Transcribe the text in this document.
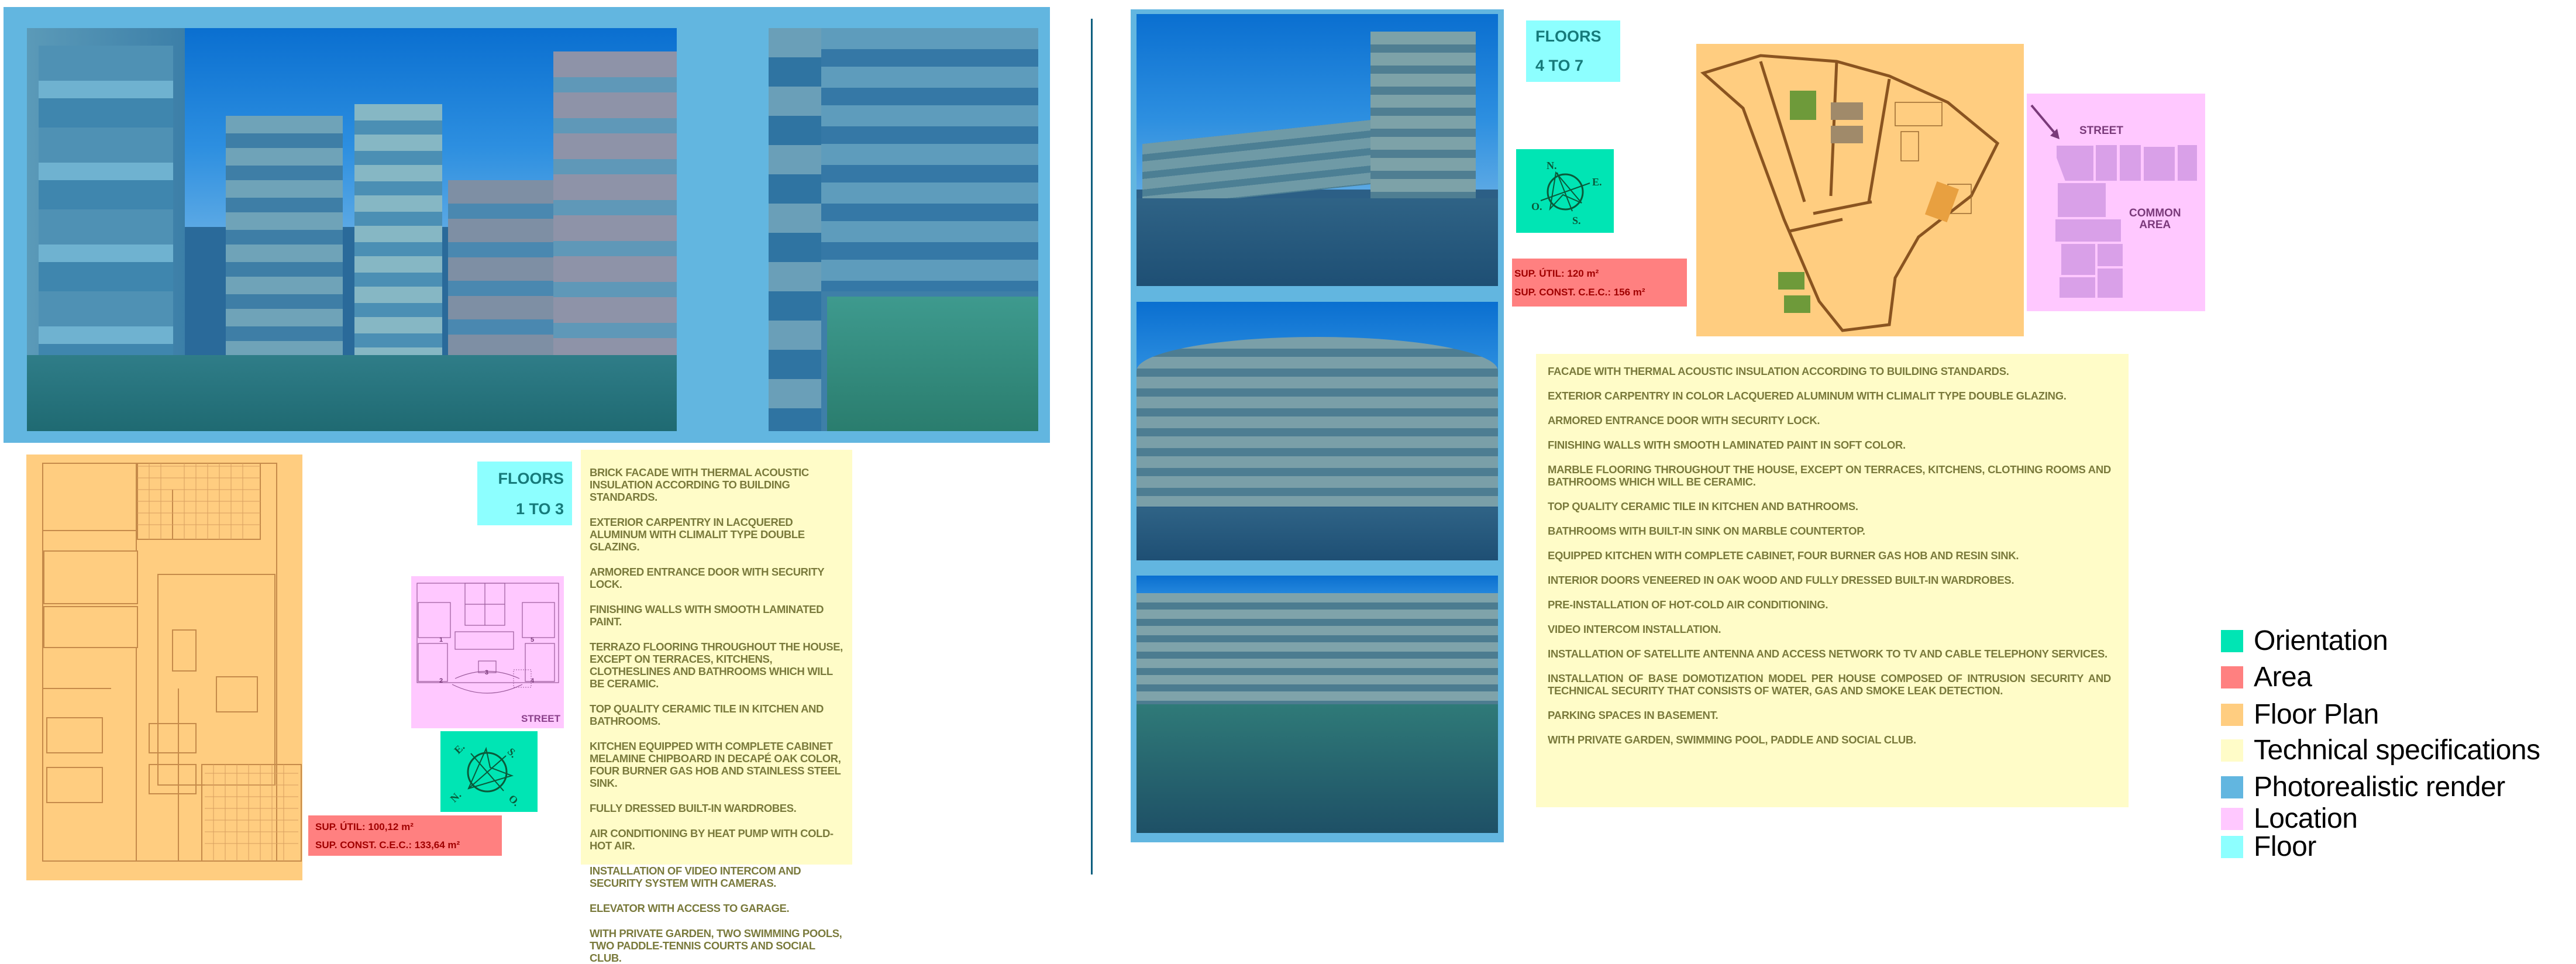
FLOORS
1 TO 3
1
2
3
4
5
STREET
E.	S.
N.	O.
SUP. ÚTIL: 100,12 m²
SUP. CONST. C.E.C.: 133,64 m²

BRICK FACADE WITH THERMAL ACOUSTIC INSULATION ACCORDING TO BUILDING STANDARDS.

EXTERIOR CARPENTRY IN LACQUERED ALUMINUM WITH CLIMALIT TYPE DOUBLE GLAZING.

ARMORED ENTRANCE DOOR WITH SECURITY LOCK.

FINISHING WALLS WITH SMOOTH LAMINATED PAINT.

TERRAZO FLOORING THROUGHOUT THE HOUSE, EXCEPT ON TERRACES, KITCHENS, CLOTHESLINES AND BATHROOMS WHICH WILL BE CERAMIC.

TOP QUALITY CERAMIC TILE IN KITCHEN AND BATHROOMS.

KITCHEN EQUIPPED WITH COMPLETE CABINET MELAMINE CHIPBOARD IN DECAPÉ OAK COLOR, FOUR BURNER GAS HOB AND STAINLESS STEEL SINK.

FULLY DRESSED BUILT-IN WARDROBES.

AIR CONDITIONING BY HEAT PUMP WITH COLD-HOT AIR.

INSTALLATION OF VIDEO INTERCOM AND SECURITY SYSTEM WITH CAMERAS.

ELEVATOR WITH ACCESS TO GARAGE.

WITH PRIVATE GARDEN, TWO SWIMMING POOLS, TWO PADDLE-TENNIS COURTS AND SOCIAL CLUB.

FLOORS
4 TO 7
N.
E.
O.
S.
SUP. ÚTIL: 120 m²
SUP. CONST. C.E.C.: 156 m²
STREET
COMMON
AREA

FACADE WITH THERMAL ACOUSTIC INSULATION ACCORDING TO BUILDING STANDARDS.

EXTERIOR CARPENTRY IN COLOR LACQUERED ALUMINUM WITH CLIMALIT TYPE DOUBLE GLAZING.

ARMORED ENTRANCE DOOR WITH SECURITY LOCK.

FINISHING WALLS WITH SMOOTH LAMINATED PAINT IN SOFT COLOR.

MARBLE FLOORING THROUGHOUT THE HOUSE, EXCEPT ON TERRACES, KITCHENS, CLOTHING ROOMS AND BATHROOMS WHICH WILL BE CERAMIC.

TOP QUALITY CERAMIC TILE IN KITCHEN AND BATHROOMS.

BATHROOMS WITH BUILT-IN SINK ON MARBLE COUNTERTOP.

EQUIPPED KITCHEN WITH COMPLETE CABINET, FOUR BURNER GAS HOB AND RESIN SINK.

INTERIOR DOORS VENEERED IN OAK WOOD AND FULLY DRESSED BUILT-IN WARDROBES.

PRE-INSTALLATION OF HOT-COLD AIR CONDITIONING.

VIDEO INTERCOM INSTALLATION.

INSTALLATION OF SATELLITE ANTENNA AND ACCESS NETWORK TO TV AND CABLE TELEPHONY SERVICES.

INSTALLATION OF BASE DOMOTIZATION MODEL PER HOUSE COMPOSED OF INTRUSION SECURITY AND TECHNICAL SECURITY THAT CONSISTS OF WATER, GAS AND SMOKE LEAK DETECTION.

PARKING SPACES IN BASEMENT.

WITH PRIVATE GARDEN, SWIMMING POOL, PADDLE AND SOCIAL CLUB.

Orientation
Area
Floor Plan
Technical specifications
Photorealistic render
Location
Floor
